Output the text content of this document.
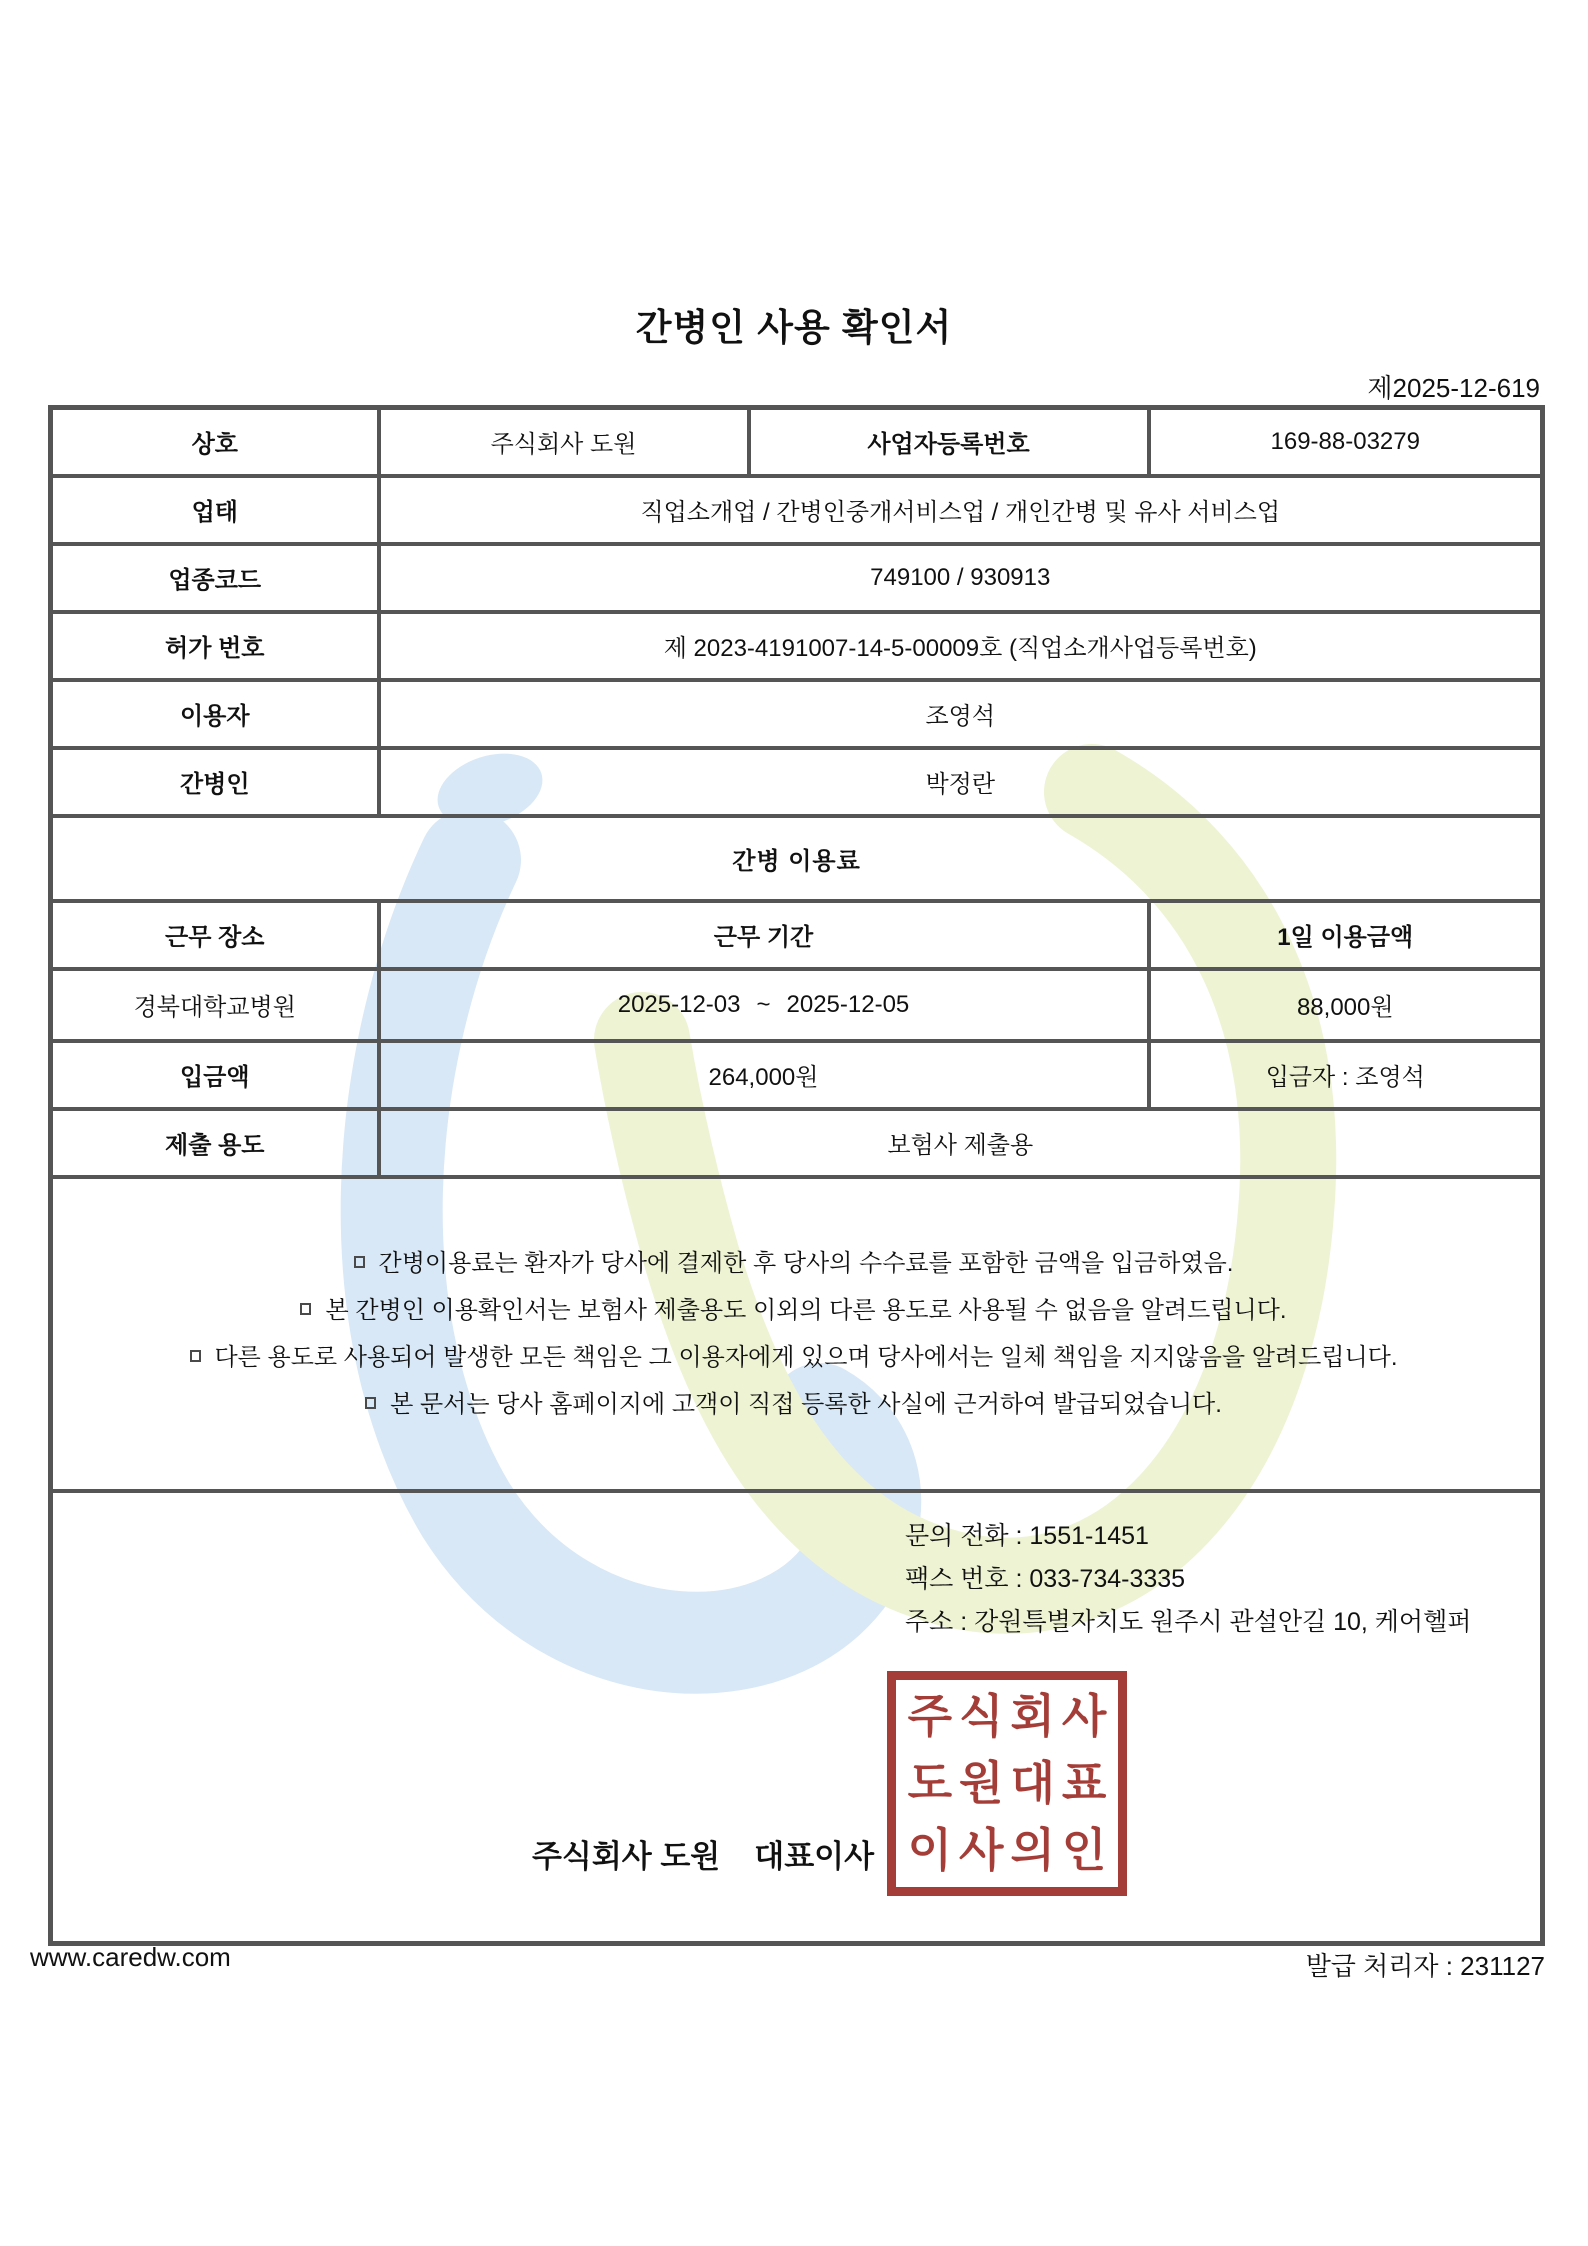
간병인 사용 확인서
제2025-12-619
상호	주식회사 도원	사업자등록번호	169-88-03279
업태	직업소개업 / 간병인중개서비스업 / 개인간병 및 유사 서비스업		
업종코드	749100 / 930913		
허가 번호	제 2023-4191007-14-5-00009호 (직업소개사업등록번호)		
이용자	조영석		
간병인	박정란		
간병 이용료			
근무 장소	근무 기간		1일 이용금액
경북대학교병원	2025-12-03 ~ 2025-12-05		88,000원
입금액	264,000원		입금자 : 조영석
제출 용도	보험사 제출용		

간병이용료는 환자가 당사에 결제한 후 당사의 수수료를 포함한 금액을 입금하였음.
본 간병인 이용확인서는 보험사 제출용도 이외의 다른 용도로 사용될 수 없음을 알려드립니다.
다른 용도로 사용되어 발생한 모든 책임은 그 이용자에게 있으며 당사에서는 일체 책임을 지지않음을 알려드립니다.
본 문서는 당사 홈페이지에 고객이 직접 등록한 사실에 근거하여 발급되었습니다.			

문의 전화 : 1551-1451
팩스 번호 : 033-734-3335
주소 : 강원특별자치도 원주시 관설안길 10, 케어헬퍼
주식회사 도원 대표이사
주식회사
도원대표
이사의인
www.caredw.com	발급 처리자 : 231127
